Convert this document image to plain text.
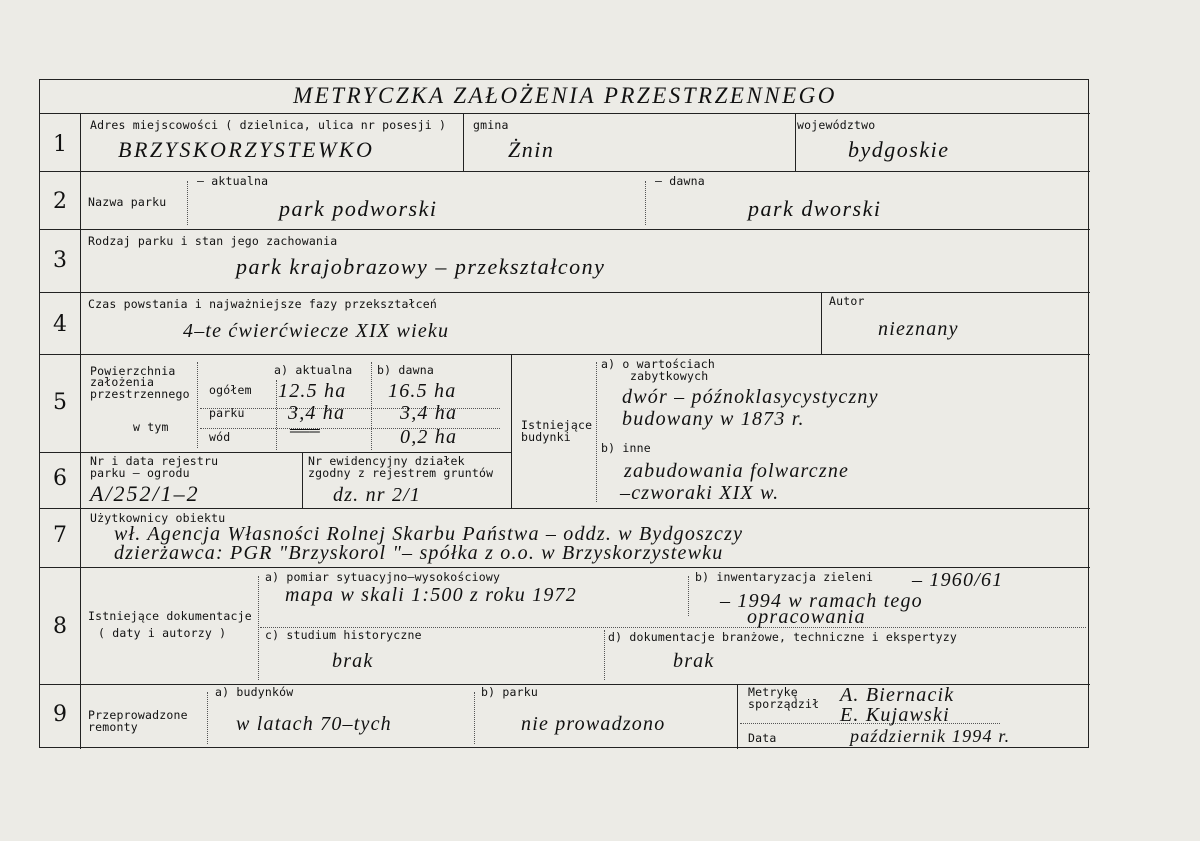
METRYCZKA ZAŁOŻENIA PRZESTRZENNEGO
1
Adres miejscowości ( dzielnica, ulica nr posesji )
BRZYSKORZYSTEWKO
gmina
Żnin
województwo
bydgoskie
2	Nazwa parku
– aktualna
park podworski
– dawna
park dworski
3
Rodzaj parku i stan jego zachowania
park krajobrazowy – przekształcony
4
Czas powstania i najważniejsze fazy przekształceń
4–te ćwierćwiecze XIX wieku
Autor
nieznany
5
Powierzchnia
założenia
przestrzennego
w tym
a) aktualna b) dawna
ogółem 12.5 ha 16.5 ha
parku 3,4 ha	3,4 ha
wód	═══	0,2 ha
Istniejące
budynki
a) o wartościach
zabytkowych
dwór – późnoklasycystyczny
budowany w 1873 r.
b) inne
zabudowania folwarczne
–czworaki XIX w.
6
Nr i data rejestru
parku – ogrodu
A/252/1–2
Nr ewidencyjny działek
zgodny z rejestrem gruntów
dz. nr 2/1
7
Użytkownicy obiektu
wł. Agencja Własności Rolnej Skarbu Państwa – oddz. w Bydgoszczy
dzierżawca: PGR "Brzyskorol "– spółka z o.o. w Brzyskorzystewku
8	Istniejące dokumentacje
( daty i autorzy )
a) pomiar sytuacyjno–wysokościowy
mapa w skali 1:500 z roku 1972
b) inwentaryzacja zieleni – 1960/61
– 1994 w ramach tego
opracowania
c) studium historyczne
brak
d) dokumentacje branżowe, techniczne i ekspertyzy
brak
9	Przeprowadzone
remonty
a) budynków
w latach 70–tych
b) parku
nie prowadzono
Metrykę
sporządził A. Biernacik
E. Kujawski
Data	październik 1994 r.
